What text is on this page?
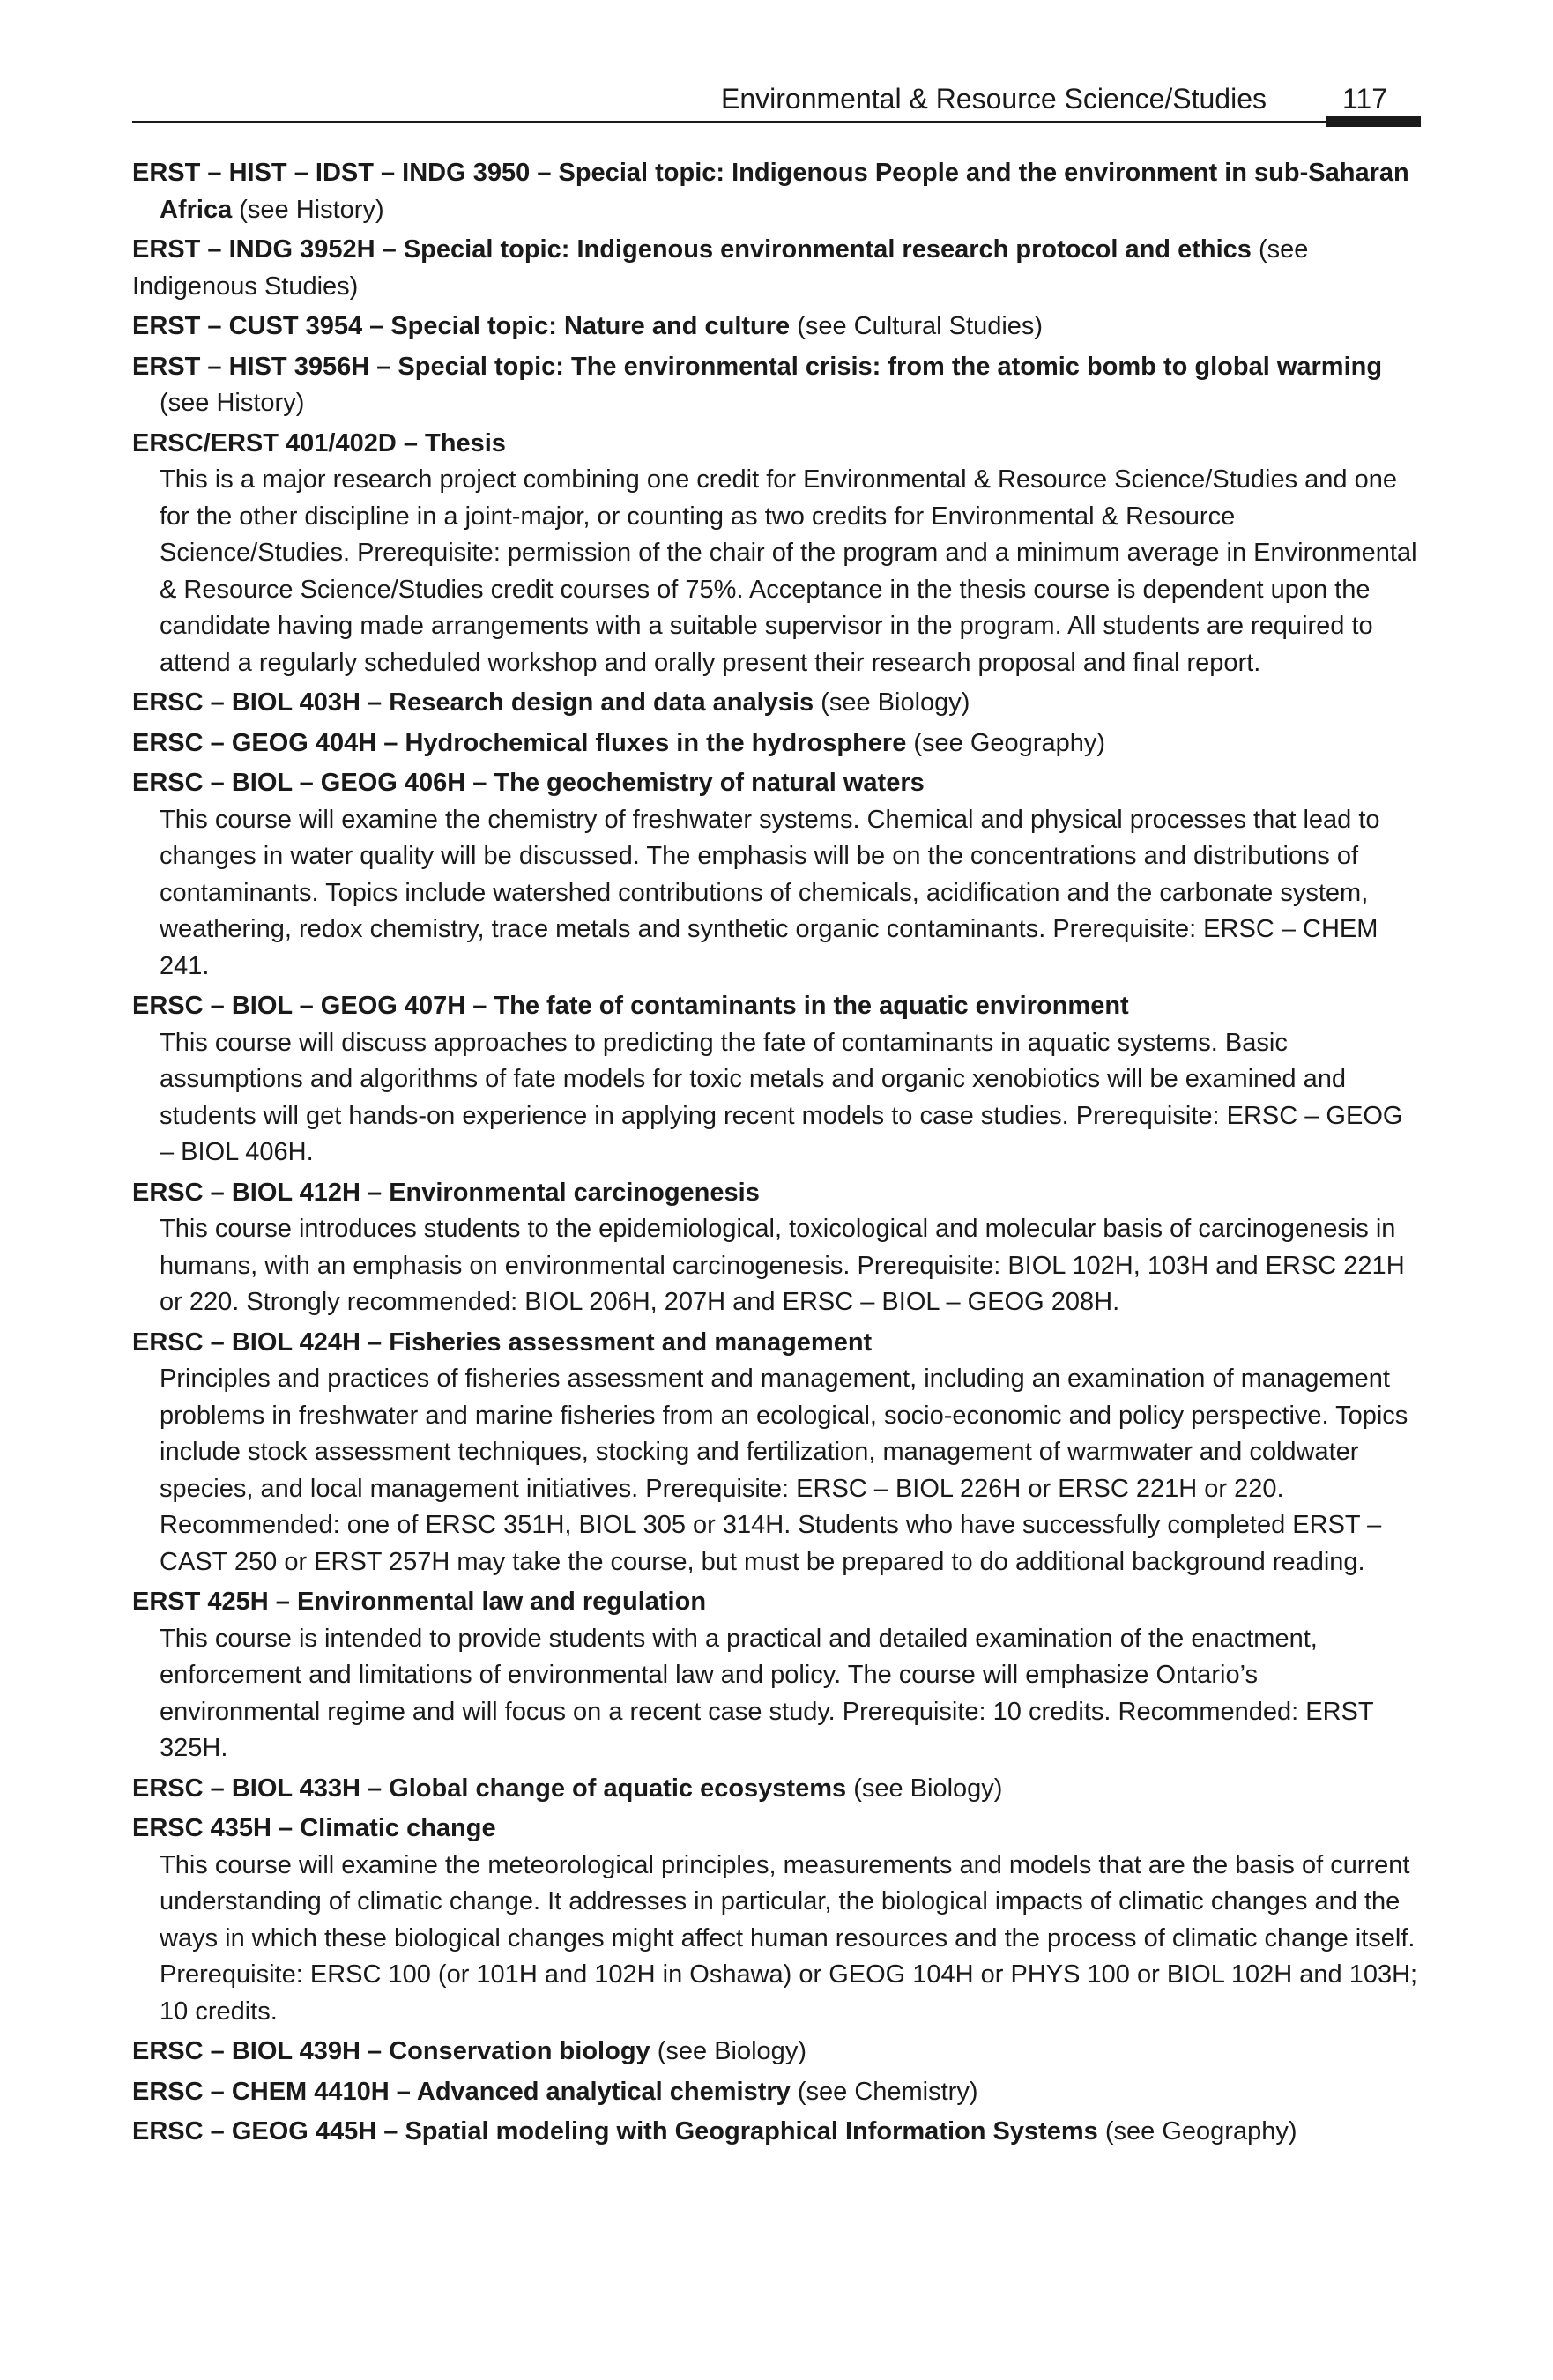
Environmental & Resource Science/Studies	117
ERST – HIST – IDST – INDG 3950 – Special topic: Indigenous People and the environment in sub-Saharan Africa (see History)
ERST – INDG 3952H – Special topic: Indigenous environmental research protocol and ethics (see Indigenous Studies)
ERST – CUST 3954 – Special topic: Nature and culture (see Cultural Studies)
ERST – HIST 3956H – Special topic: The environmental crisis: from the atomic bomb to global warming (see History)
ERSC/ERST 401/402D – Thesis
This is a major research project combining one credit for Environmental & Resource Science/Studies and one for the other discipline in a joint-major, or counting as two credits for Environmental & Resource Science/Studies. Prerequisite: permission of the chair of the program and a minimum average in Environmental & Resource Science/Studies credit courses of 75%. Acceptance in the thesis course is dependent upon the candidate having made arrangements with a suitable supervisor in the program. All students are required to attend a regularly scheduled workshop and orally present their research proposal and final report.
ERSC – BIOL 403H – Research design and data analysis (see Biology)
ERSC – GEOG 404H – Hydrochemical fluxes in the hydrosphere (see Geography)
ERSC – BIOL – GEOG 406H – The geochemistry of natural waters
This course will examine the chemistry of freshwater systems. Chemical and physical processes that lead to changes in water quality will be discussed. The emphasis will be on the concentrations and distributions of contaminants. Topics include watershed contributions of chemicals, acidification and the carbonate system, weathering, redox chemistry, trace metals and synthetic organic contaminants. Prerequisite: ERSC – CHEM 241.
ERSC – BIOL – GEOG 407H – The fate of contaminants in the aquatic environment
This course will discuss approaches to predicting the fate of contaminants in aquatic systems. Basic assumptions and algorithms of fate models for toxic metals and organic xenobiotics will be examined and students will get hands-on experience in applying recent models to case studies. Prerequisite: ERSC – GEOG – BIOL 406H.
ERSC – BIOL 412H – Environmental carcinogenesis
This course introduces students to the epidemiological, toxicological and molecular basis of carcinogenesis in humans, with an emphasis on environmental carcinogenesis. Prerequisite: BIOL 102H, 103H and ERSC 221H or 220. Strongly recommended: BIOL 206H, 207H and ERSC – BIOL – GEOG 208H.
ERSC – BIOL 424H – Fisheries assessment and management
Principles and practices of fisheries assessment and management, including an examination of management problems in freshwater and marine fisheries from an ecological, socio-economic and policy perspective. Topics include stock assessment techniques, stocking and fertilization, management of warmwater and coldwater species, and local management initiatives. Prerequisite: ERSC – BIOL 226H or ERSC 221H or 220. Recommended: one of ERSC 351H, BIOL 305 or 314H. Students who have successfully completed ERST – CAST 250 or ERST 257H may take the course, but must be prepared to do additional background reading.
ERST 425H – Environmental law and regulation
This course is intended to provide students with a practical and detailed examination of the enactment, enforcement and limitations of environmental law and policy. The course will emphasize Ontario’s environmental regime and will focus on a recent case study. Prerequisite: 10 credits. Recommended: ERST 325H.
ERSC – BIOL 433H – Global change of aquatic ecosystems (see Biology)
ERSC 435H – Climatic change
This course will examine the meteorological principles, measurements and models that are the basis of current understanding of climatic change. It addresses in particular, the biological impacts of climatic changes and the ways in which these biological changes might affect human resources and the process of climatic change itself. Prerequisite: ERSC 100 (or 101H and 102H in Oshawa) or GEOG 104H or PHYS 100 or BIOL 102H and 103H; 10 credits.
ERSC – BIOL 439H – Conservation biology (see Biology)
ERSC – CHEM 4410H – Advanced analytical chemistry (see Chemistry)
ERSC – GEOG 445H – Spatial modeling with Geographical Information Systems (see Geography)
